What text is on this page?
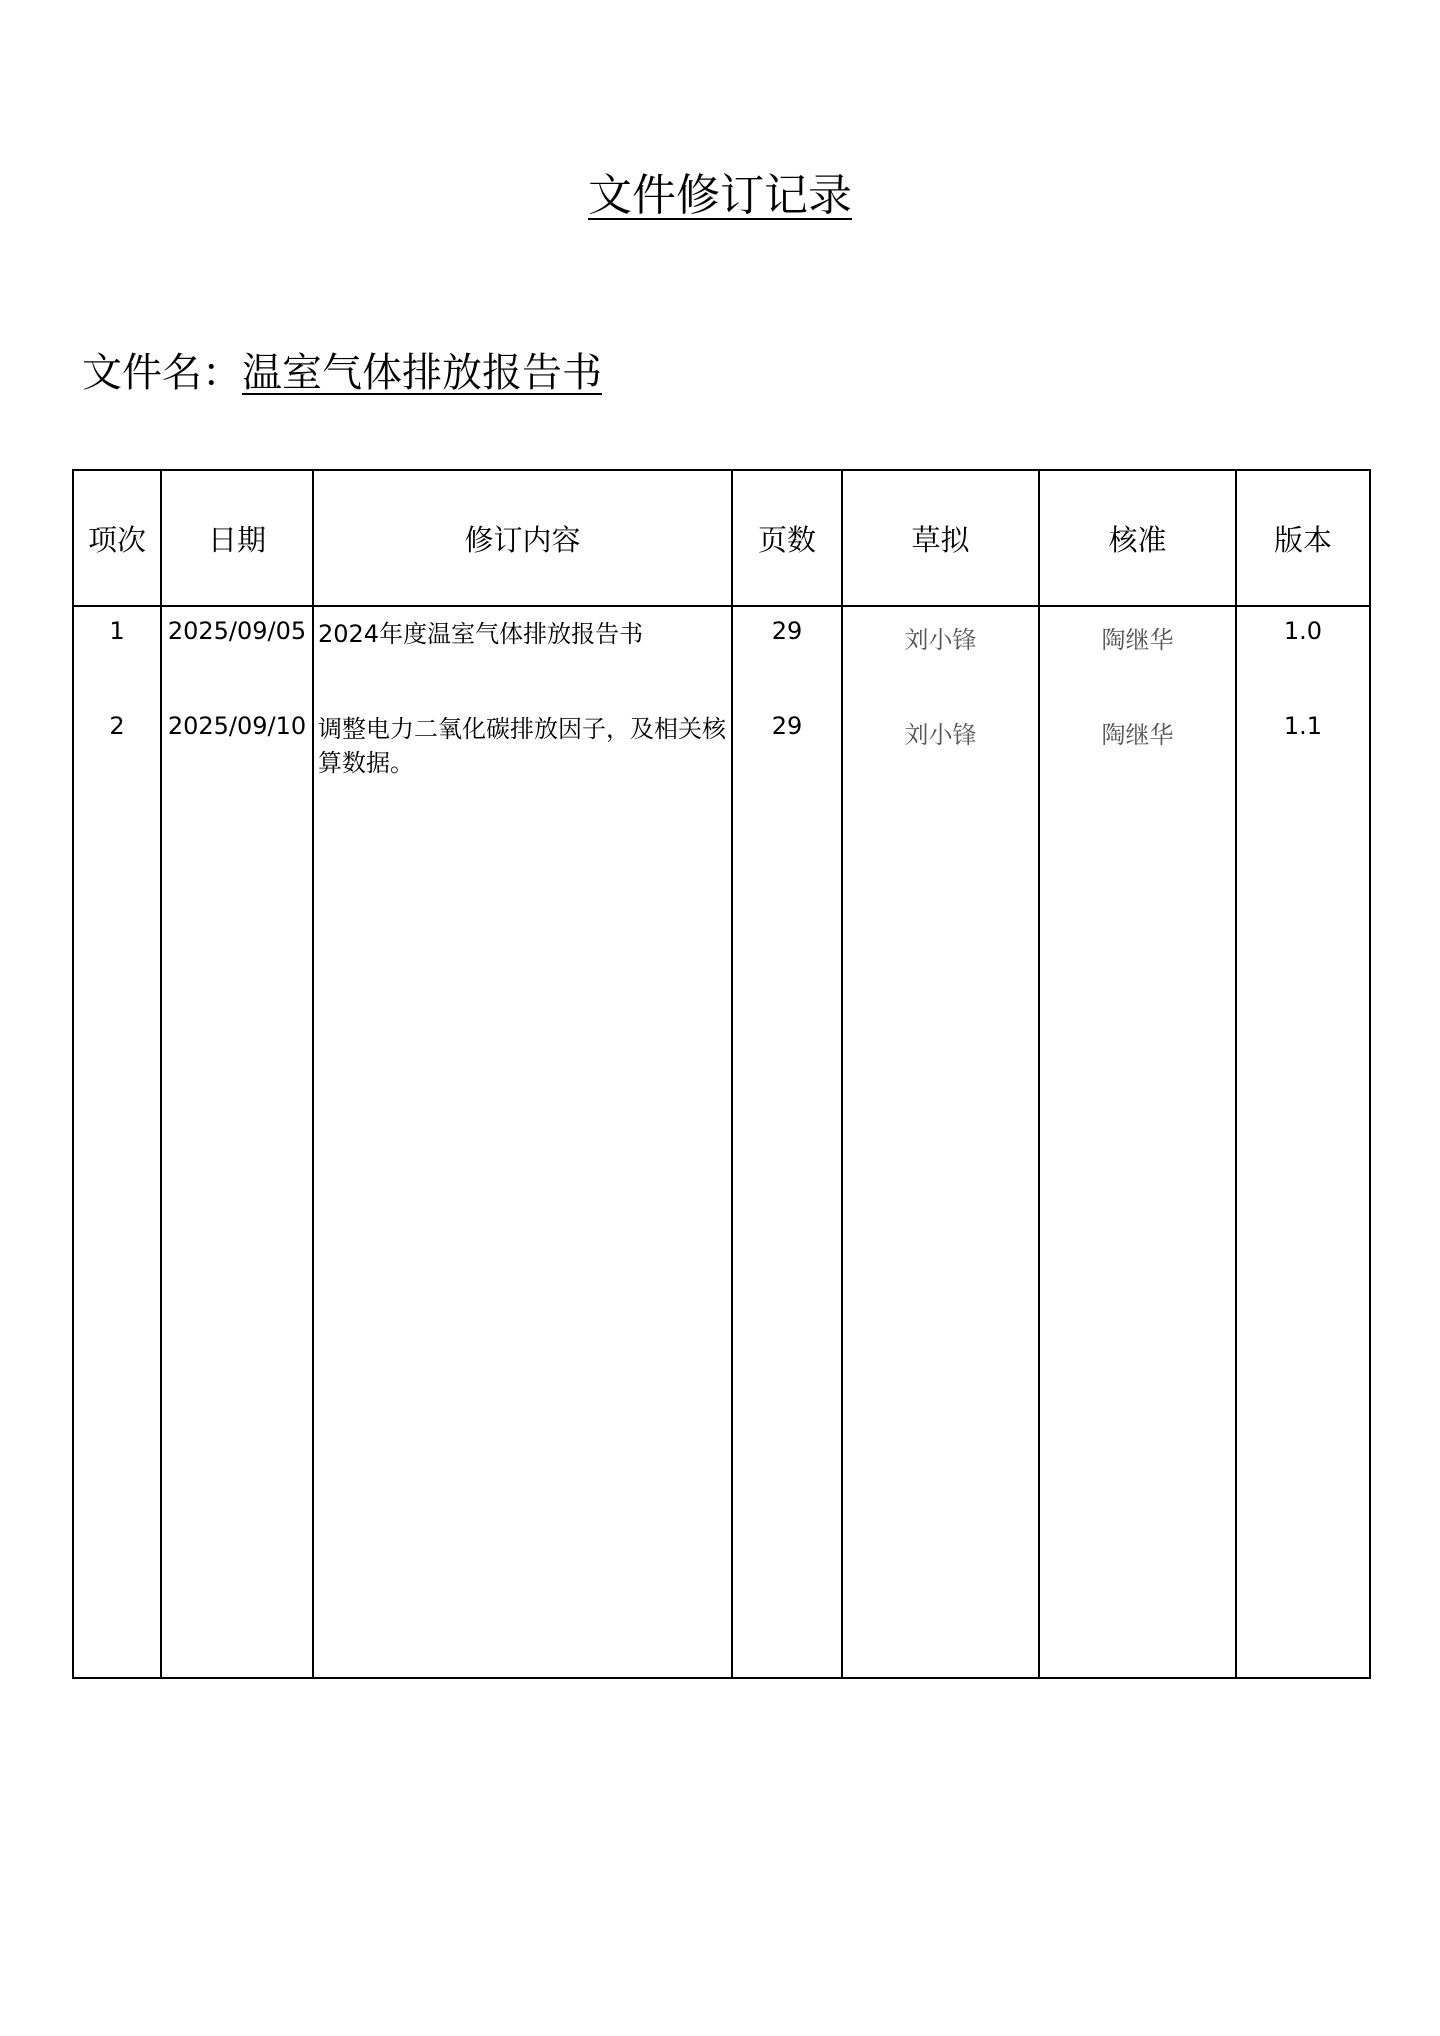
文件修订记录
文件名：温室气体排放报告书
项次	日期	修订内容	页数	草拟	核准	版本
1	2025/09/05	2024年度温室气体排放报告书	29	刘小锋	陶继华	1.0
2	2025/09/10	调整电力二氧化碳排放因子，及相关核算数据。	29	刘小锋	陶继华	1.1
